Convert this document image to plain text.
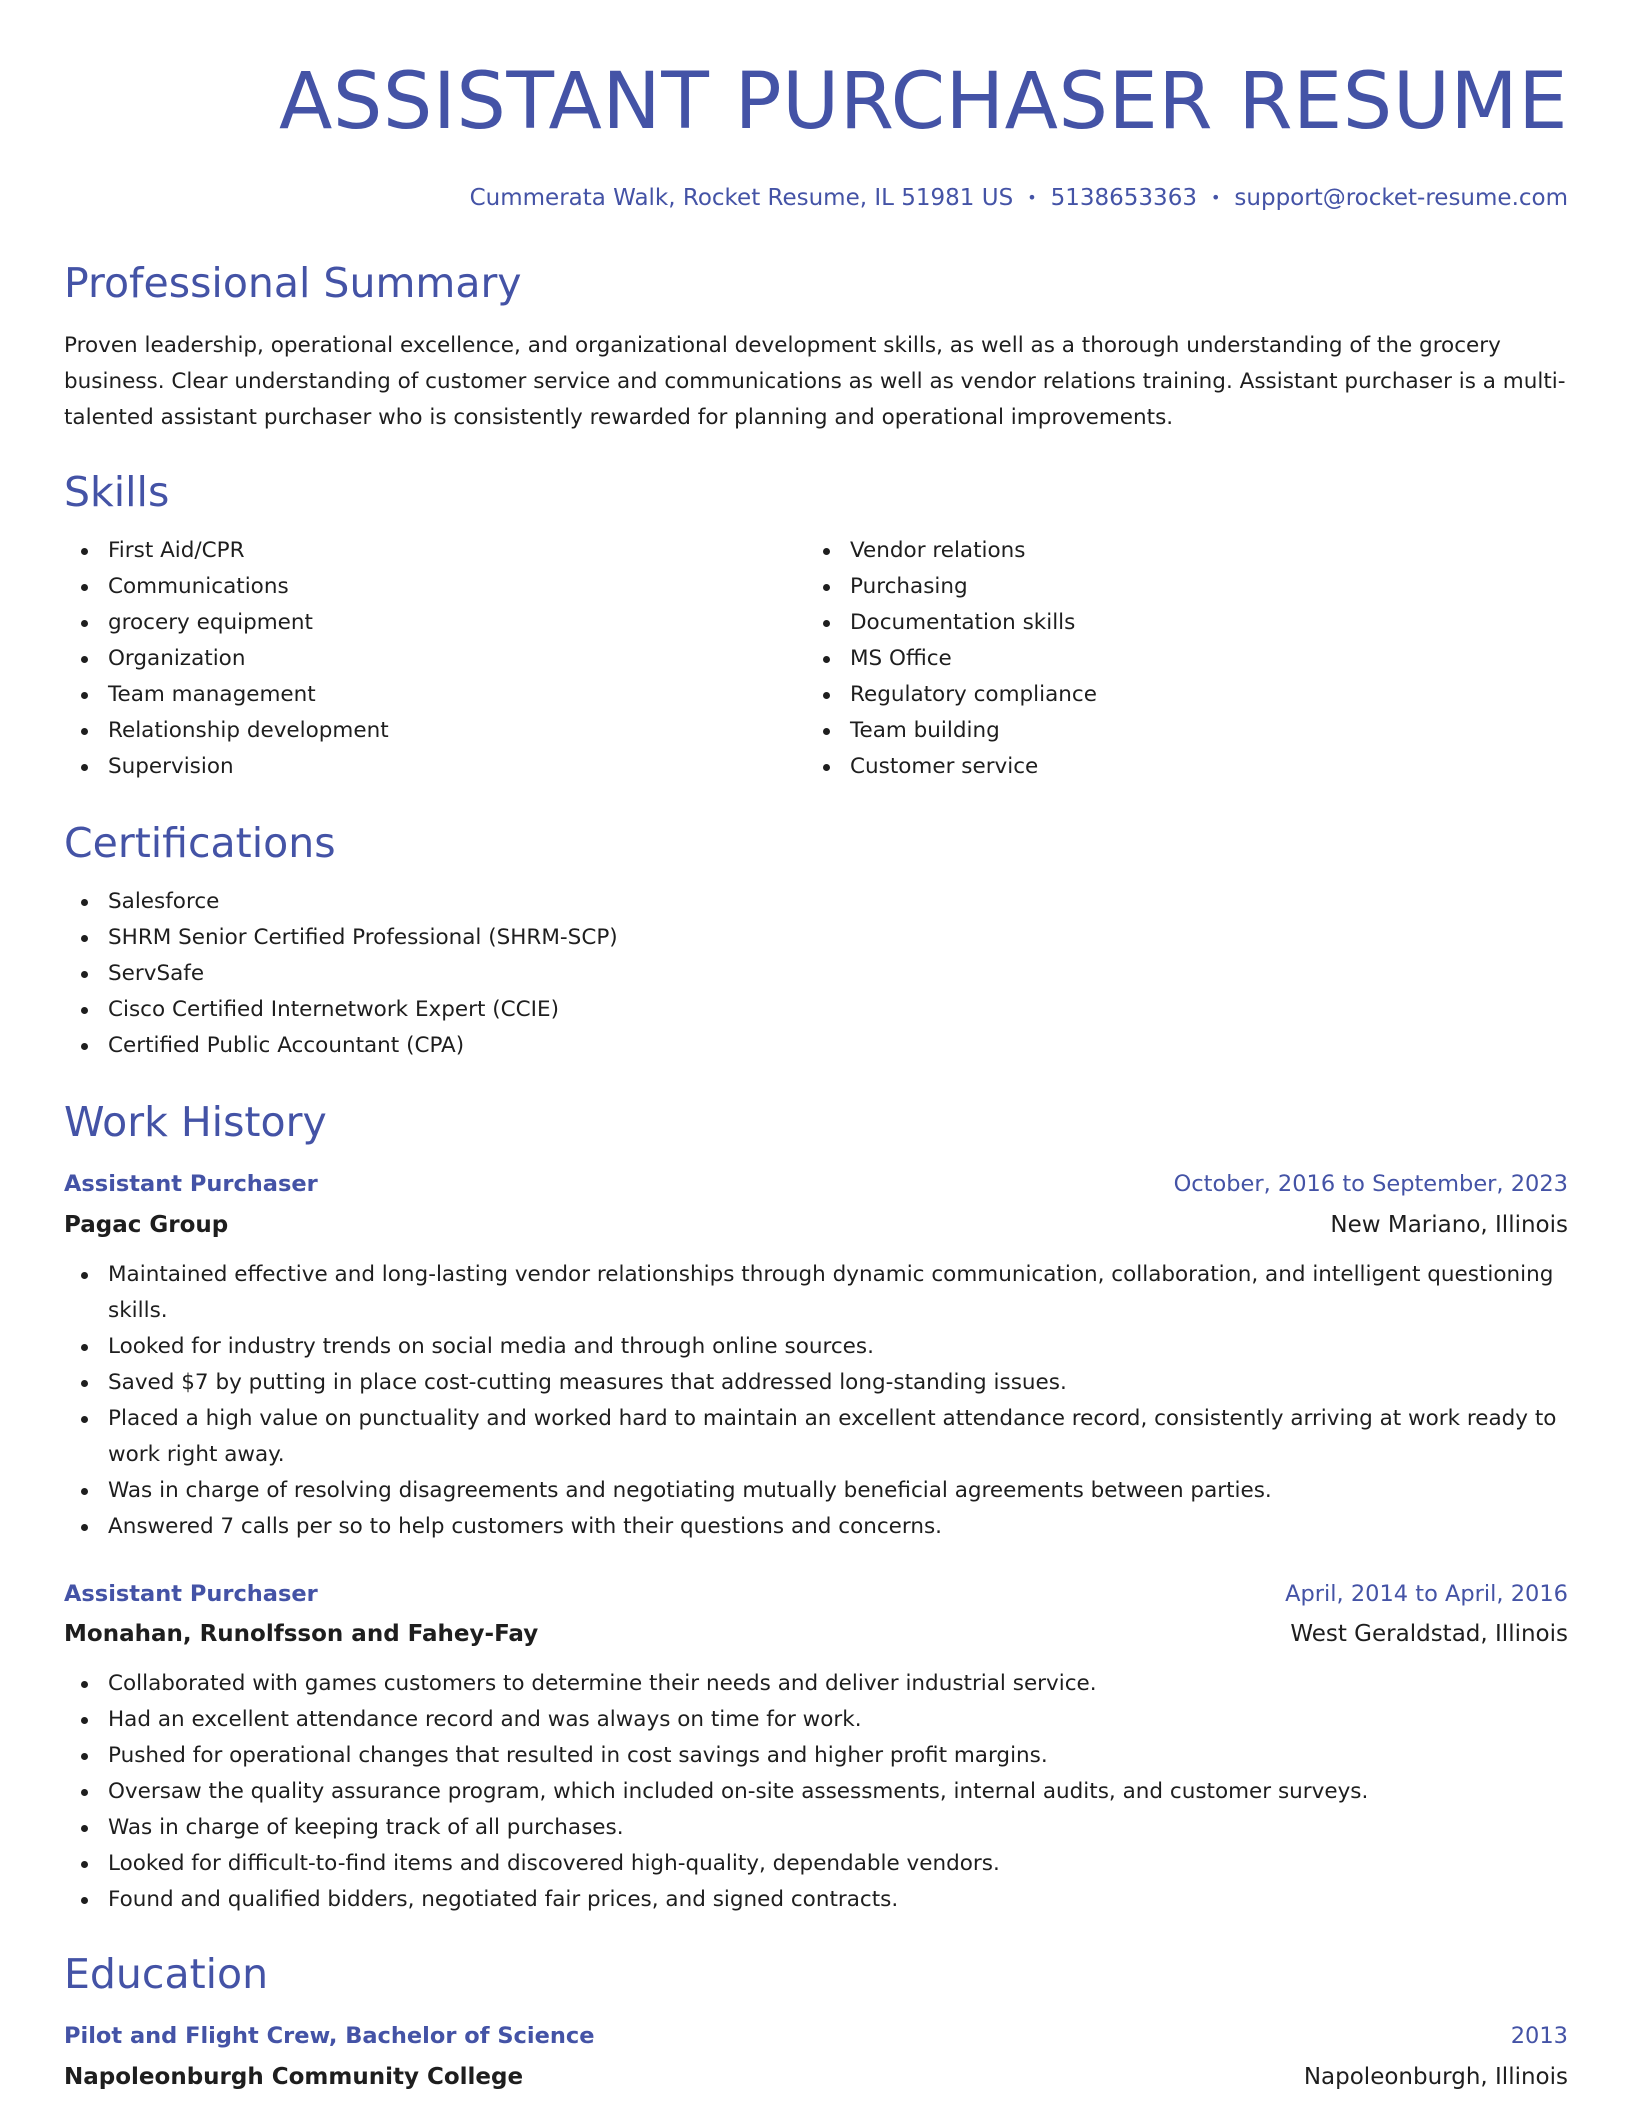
ASSISTANT PURCHASER RESUME
Cummerata Walk, Rocket Resume, IL 51981 US • 5138653363 • support@rocket-resume.com
Professional Summary

Proven leadership, operational excellence, and organizational development skills, as well as a thorough understanding of the grocery business. Clear understanding of customer service and communications as well as vendor relations training. Assistant purchaser is a multi-talented assistant purchaser who is consistently rewarded for planning and operational improvements.

Skills
First Aid/CPR
Communications
grocery equipment
Organization
Team management
Relationship development
Supervision
Vendor relations
Purchasing
Documentation skills
MS Office
Regulatory compliance
Team building
Customer service
Certifications
Salesforce
SHRM Senior Certified Professional (SHRM-SCP)
ServSafe
Cisco Certified Internetwork Expert (CCIE)
Certified Public Accountant (CPA)
Work History
Assistant Purchaser	October, 2016 to September, 2023
Pagac Group	New Mariano, Illinois
Maintained effective and long-lasting vendor relationships through dynamic communication, collaboration, and intelligent questioning skills.
Looked for industry trends on social media and through online sources.
Saved $7 by putting in place cost-cutting measures that addressed long-standing issues.
Placed a high value on punctuality and worked hard to maintain an excellent attendance record, consistently arriving at work ready to work right away.
Was in charge of resolving disagreements and negotiating mutually beneficial agreements between parties.
Answered 7 calls per so to help customers with their questions and concerns.
Assistant Purchaser	April, 2014 to April, 2016
Monahan, Runolfsson and Fahey-Fay	West Geraldstad, Illinois
Collaborated with games customers to determine their needs and deliver industrial service.
Had an excellent attendance record and was always on time for work.
Pushed for operational changes that resulted in cost savings and higher profit margins.
Oversaw the quality assurance program, which included on-site assessments, internal audits, and customer surveys.
Was in charge of keeping track of all purchases.
Looked for difficult-to-find items and discovered high-quality, dependable vendors.
Found and qualified bidders, negotiated fair prices, and signed contracts.
Education
Pilot and Flight Crew, Bachelor of Science	2013
Napoleonburgh Community College	Napoleonburgh, Illinois
